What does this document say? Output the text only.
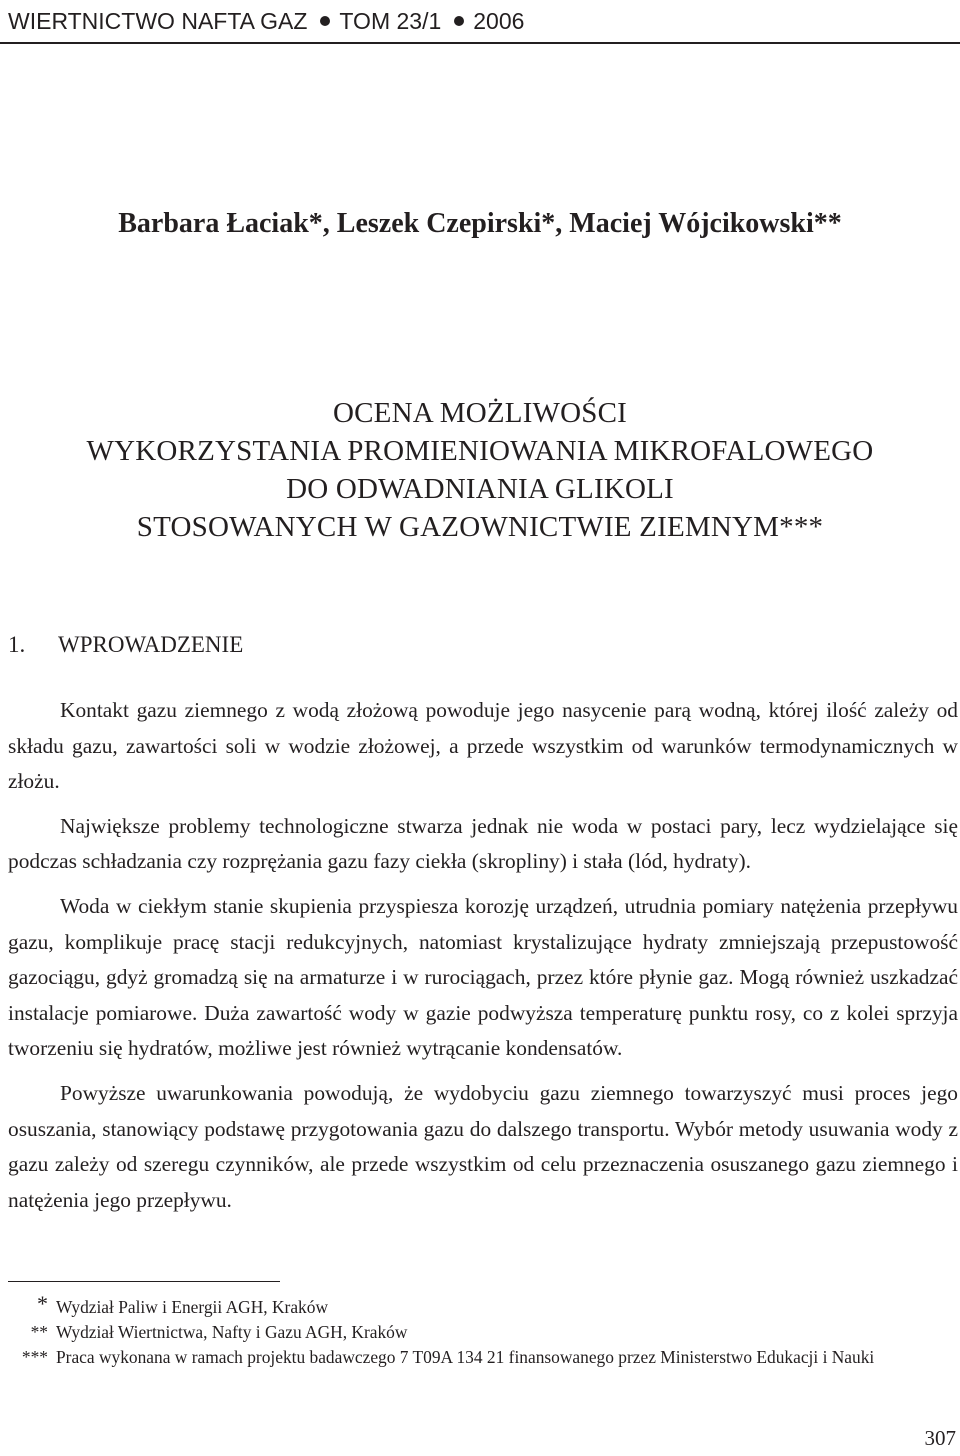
WIERTNICTWO NAFTA GAZ TOM 23/1 2006
Barbara Łaciak*, Leszek Czepirski*, Maciej Wójcikowski**
OCENA MOŻLIWOŚCI
WYKORZYSTANIA PROMIENIOWANIA MIKROFALOWEGO
DO ODWADNIANIA GLIKOLI
STOSOWANYCH W GAZOWNICTWIE ZIEMNYM***
1. WPROWADZENIE

Kontakt gazu ziemnego z wodą złożową powoduje jego nasycenie parą wodną, której ilość zależy od składu gazu, zawartości soli w wodzie złożowej, a przede wszystkim od warunków termodynamicznych w złożu.

Największe problemy technologiczne stwarza jednak nie woda w postaci pary, lecz wydzielające się podczas schładzania czy rozprężania gazu fazy ciekła (skropliny) i stała (lód, hydraty).

Woda w ciekłym stanie skupienia przyspiesza korozję urządzeń, utrudnia pomiary natężenia przepływu gazu, komplikuje pracę stacji redukcyjnych, natomiast krystalizujące hydraty zmniejszają przepustowość gazociągu, gdyż gromadzą się na armaturze i w rurociągach, przez które płynie gaz. Mogą również uszkadzać instalacje pomiarowe. Duża zawartość wody w gazie podwyższa temperaturę punktu rosy, co z kolei sprzyja tworzeniu się hydratów, możliwe jest również wytrącanie kondensatów.

Powyższe uwarunkowania powodują, że wydobyciu gazu ziemnego towarzyszyć musi proces jego osuszania, stanowiący podstawę przygotowania gazu do dalszego transportu. Wybór metody usuwania wody z gazu zależy od szeregu czynników, ale przede wszystkim od celu przeznaczenia osuszanego gazu ziemnego i natężenia jego przepływu.

* Wydział Paliw i Energii AGH, Kraków
** Wydział Wiertnictwa, Nafty i Gazu AGH, Kraków
*** Praca wykonana w ramach projektu badawczego 7 T09A 134 21 finansowanego przez Ministerstwo Edukacji i Nauki
307
